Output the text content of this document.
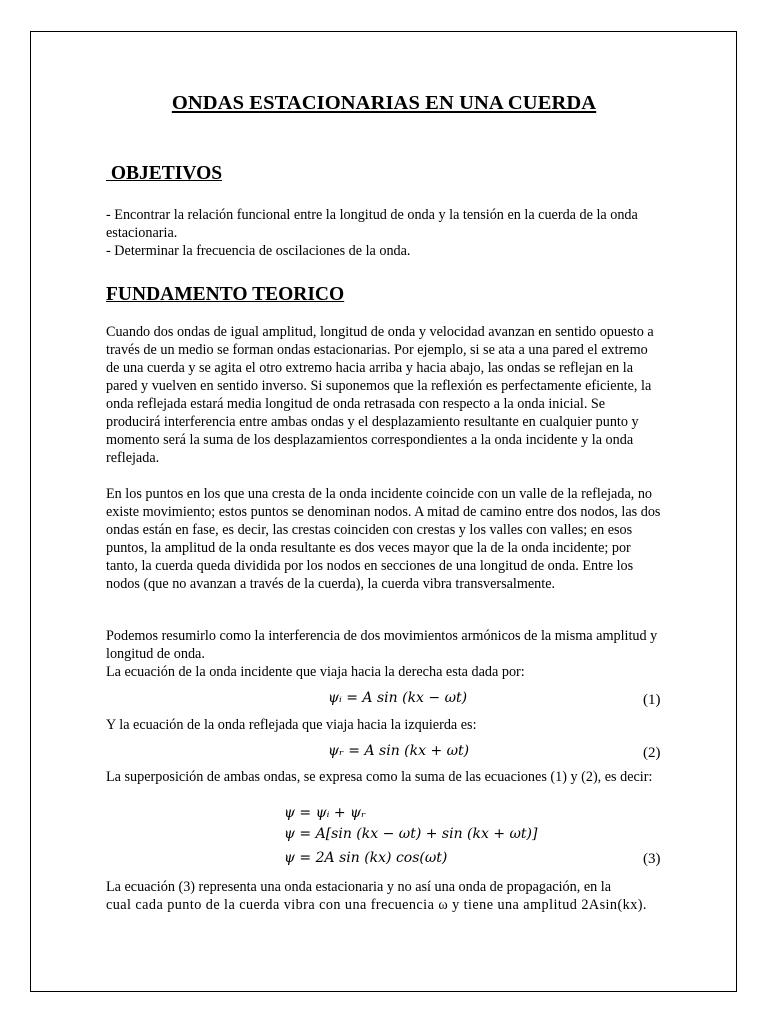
ONDAS ESTACIONARIAS EN UNA CUERDA
OBJETIVOS

- Encontrar la relación funcional entre la longitud de onda y la tensión en la cuerda de la onda estacionaria.

- Determinar la frecuencia de oscilaciones de la onda.

FUNDAMENTO TEORICO

Cuando dos ondas de igual amplitud, longitud de onda y velocidad avanzan en sentido opuesto a través de un medio se forman ondas estacionarias. Por ejemplo, si se ata a una pared el extremo de una cuerda y se agita el otro extremo hacia arriba y hacia abajo, las ondas se reflejan en la pared y vuelven en sentido inverso. Si suponemos que la reflexión es perfectamente eficiente, la onda reflejada estará media longitud de onda retrasada con respecto a la onda inicial. Se producirá interferencia entre ambas ondas y el desplazamiento resultante en cualquier punto y momento será la suma de los desplazamientos correspondientes a la onda incidente y la onda reflejada.

En los puntos en los que una cresta de la onda incidente coincide con un valle de la reflejada, no existe movimiento; estos puntos se denominan nodos. A mitad de camino entre dos nodos, las dos ondas están en fase, es decir, las crestas coinciden con crestas y los valles con valles; en esos puntos, la amplitud de la onda resultante es dos veces mayor que la de la onda incidente; por tanto, la cuerda queda dividida por los nodos en secciones de una longitud de onda. Entre los nodos (que no avanzan a través de la cuerda), la cuerda vibra transversalmente.

Podemos resumirlo como la interferencia de dos movimientos armónicos de la misma amplitud y longitud de onda.

La ecuación de la onda incidente que viaja hacia la derecha esta dada por:

ψᵢ = A sin (kx − ωt)	(1)

Y la ecuación de la onda reflejada que viaja hacia la izquierda es:

ψᵣ = A sin (kx + ωt)	(2)

La superposición de ambas ondas, se expresa como la suma de las ecuaciones (1) y (2), es decir:

ψ = ψᵢ + ψᵣ
ψ = A[sin (kx − ωt) + sin (kx + ωt)]
ψ = 2A sin (kx) cos(ωt)	(3)

La ecuación (3) representa una onda estacionaria y no así una onda de propagación, en la

cual cada punto de la cuerda vibra con una frecuencia ω y tiene una amplitud 2Asin(kx).
